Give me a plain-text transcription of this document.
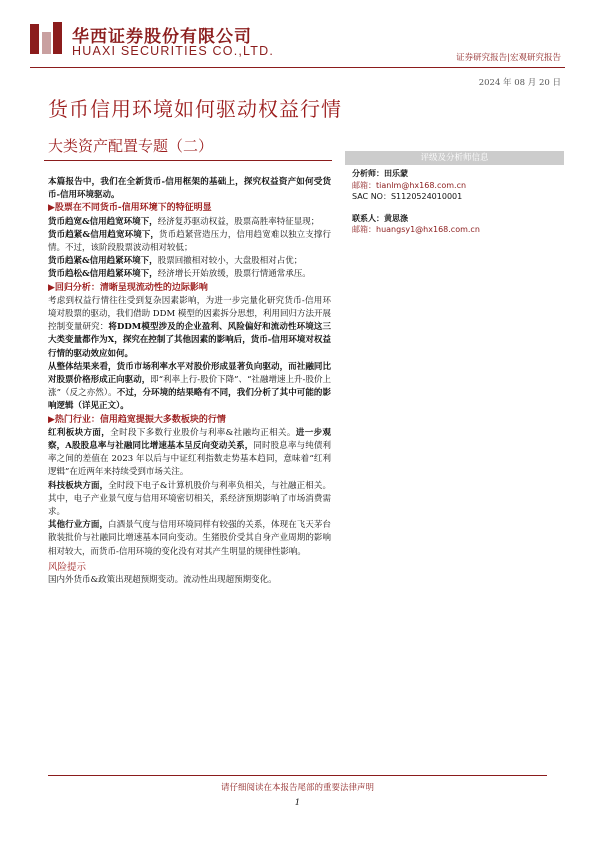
华西证券股份有限公司
HUAXI SECURITIES CO.,LTD.	证券研究报告|宏观研究报告
2024 年 08 月 20 日
货币信用环境如何驱动权益行情
大类资产配置专题（二）
评级及分析师信息
分析师：田乐蒙
邮箱：tianlm@hx168.com.cn
SAC NO：S1120524010001
联系人：黄思涤
邮箱：huangsy1@hx168.com.cn

本篇报告中，我们在全新货币-信用框架的基础上，探究权益资产如何受货币-信用环境驱动。

▶股票在不同货币-信用环境下的特征明显

货币趋宽&信用趋宽环境下，经济复苏驱动权益，股票高胜率特征显现；

货币趋紧&信用趋宽环境下，货币趋紧营造压力，信用趋宽难以独立支撑行情。不过，该阶段股票波动相对较低；

货币趋紧&信用趋紧环境下，股票回撤相对较小，大盘股相对占优；

货币趋松&信用趋紧环境下，经济增长开始放缓，股票行情通常承压。

▶回归分析：清晰呈现流动性的边际影响

考虑到权益行情往往受到复杂因素影响，为进一步完量化研究货币-信用环境对股票的驱动，我们借助 DDM 模型的因素拆分思想，利用回归方法开展控制变量研究：将DDM模型涉及的企业盈利、风险偏好和流动性环境这三大类变量都作为X，探究在控制了其他因素的影响后，货币-信用环境对权益行情的驱动效应如何。

从整体结果来看，货币市场利率水平对股价形成显著负向驱动，而社融同比对股票价格形成正向驱动，即“利率上行-股价下降”、“社融增速上升-股价上涨”（反之亦然）。不过，分环境的结果略有不同，我们分析了其中可能的影响逻辑（详见正文）。

▶热门行业：信用趋宽提振大多数板块的行情

红利板块方面，全时段下多数行业股价与利率&社融均正相关。进一步观察，A股股息率与社融同比增速基本呈反向变动关系，同时股息率与纯债利率之间的差值在 2023 年以后与中证红利指数走势基本趋同，意味着“红利逻辑”在近两年来持续受到市场关注。

科技板块方面，全时段下电子&计算机股价与利率负相关，与社融正相关。其中，电子产业景气度与信用环境密切相关，系经济预期影响了市场消费需求。

其他行业方面，白酒景气度与信用环境同样有较强的关系，体现在飞天茅台散装批价与社融同比增速基本同向变动。生猪股价受其自身产业周期的影响相对较大，而货币-信用环境的变化没有对其产生明显的规律性影响。

风险提示

国内外货币&政策出现超预期变动。流动性出现超预期变化。

请仔细阅读在本报告尾部的重要法律声明
1
